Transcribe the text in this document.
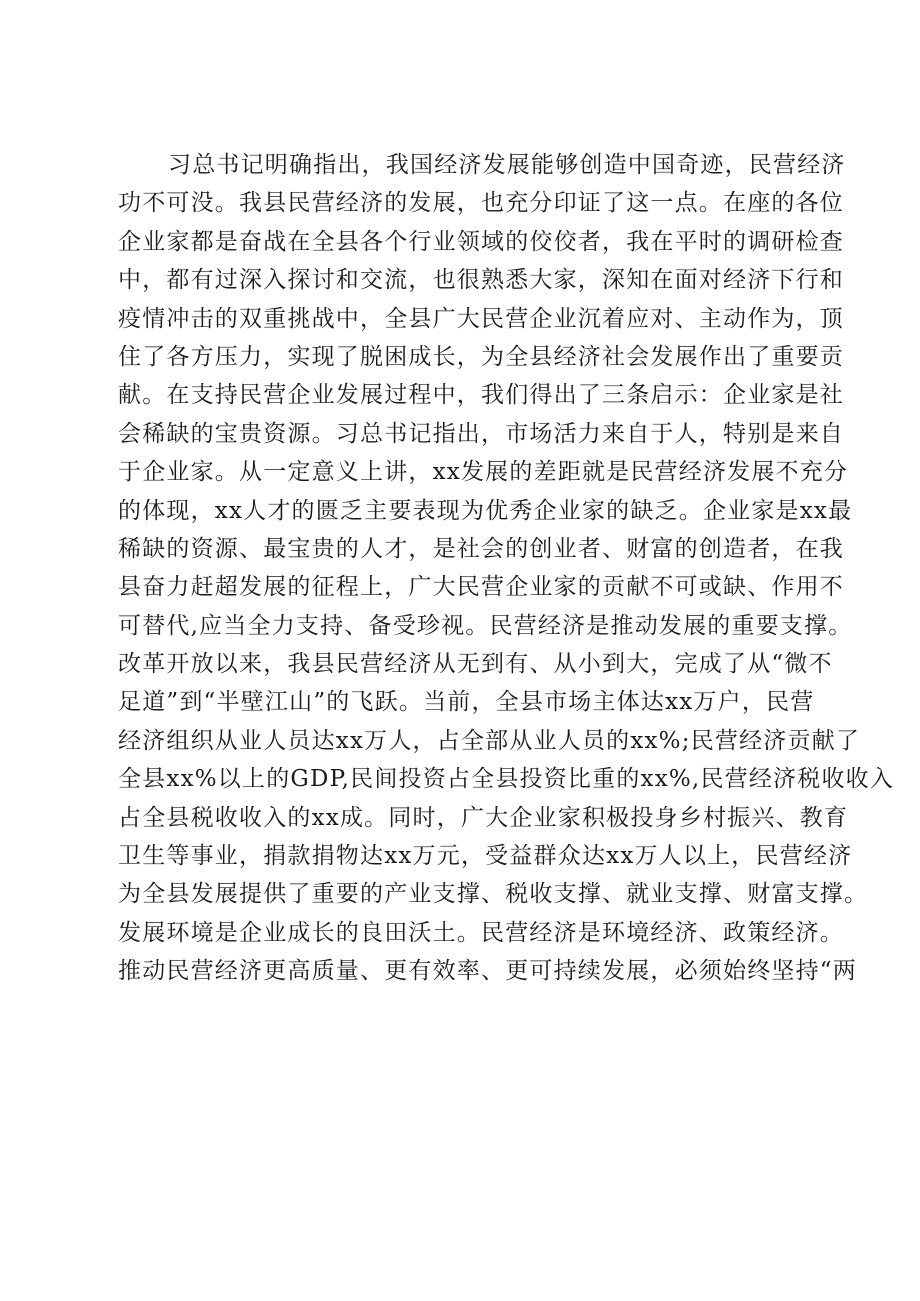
习总书记明确指出，我国经济发展能够创造中国奇迹，民营经济
功不可没。我县民营经济的发展，也充分印证了这一点。在座的各位
企业家都是奋战在全县各个行业领域的佼佼者，我在平时的调研检查
中，都有过深入探讨和交流，也很熟悉大家，深知在面对经济下行和
疫情冲击的双重挑战中，全县广大民营企业沉着应对、主动作为，顶
住了各方压力，实现了脱困成长，为全县经济社会发展作出了重要贡
献。在支持民营企业发展过程中，我们得出了三条启示：企业家是社
会稀缺的宝贵资源。习总书记指出，市场活力来自于人，特别是来自
于企业家。从一定意义上讲，xx发展的差距就是民营经济发展不充分
的体现，xx人才的匮乏主要表现为优秀企业家的缺乏。企业家是xx最
稀缺的资源、最宝贵的人才，是社会的创业者、财富的创造者，在我
县奋力赶超发展的征程上，广大民营企业家的贡献不可或缺、作用不
可替代,应当全力支持、备受珍视。民营经济是推动发展的重要支撑。
改革开放以来，我县民营经济从无到有、从小到大，完成了从“微不
足道”到“半壁江山”的飞跃。当前，全县市场主体达xx万户，民营
经济组织从业人员达xx万人，占全部从业人员的xx%;民营经济贡献了
全县xx%以上的GDP,民间投资占全县投资比重的xx%,民营经济税收收入
占全县税收收入的xx成。同时，广大企业家积极投身乡村振兴、教育
卫生等事业，捐款捐物达xx万元，受益群众达xx万人以上，民营经济
为全县发展提供了重要的产业支撑、税收支撑、就业支撑、财富支撑。
发展环境是企业成长的良田沃土。民营经济是环境经济、政策经济。
推动民营经济更高质量、更有效率、更可持续发展，必须始终坚持“两
